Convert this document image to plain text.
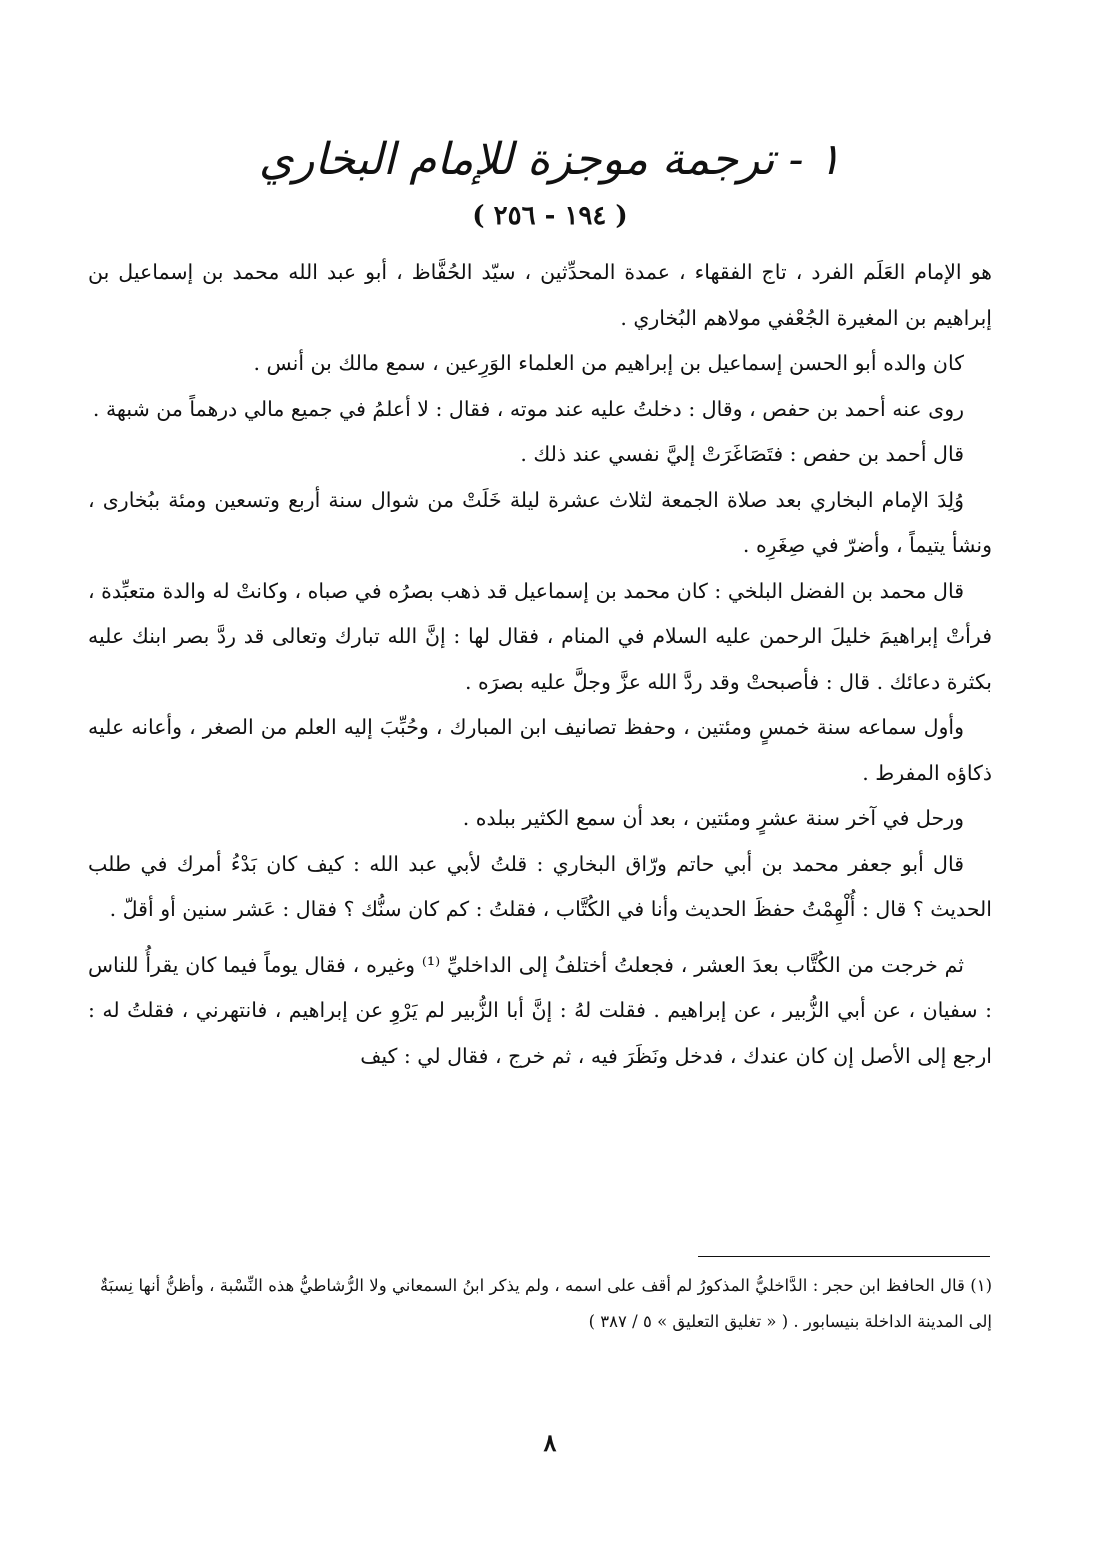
١ - ترجمة موجزة للإمام البخاري
( ١٩٤ - ٢٥٦ )

هو الإمام العَلَم الفرد ، تاج الفقهاء ، عمدة المحدِّثين ، سيّد الحُفَّاظ ، أبو عبد الله محمد بن إسماعيل بن إبراهيم بن المغيرة الجُعْفي مولاهم البُخاري .

كان والده أبو الحسن إسماعيل بن إبراهيم من العلماء الوَرِعين ، سمع مالك بن أنس .

روى عنه أحمد بن حفص ، وقال : دخلتُ عليه عند موته ، فقال : لا أعلمُ في جميع مالي درهماً من شبهة .

قال أحمد بن حفص : فتَصَاغَرَتْ إليَّ نفسي عند ذلك .

وُلِدَ الإمام البخاري بعد صلاة الجمعة لثلاث عشرة ليلة خَلَتْ من شوال سنة أربع وتسعين ومئة ببُخارى ، ونشأ يتيماً ، وأضرّ في صِغَرِه .

قال محمد بن الفضل البلخي : كان محمد بن إسماعيل قد ذهب بصرُه في صباه ، وكانتْ له والدة متعبِّدة ، فرأتْ إبراهيمَ خليلَ الرحمن عليه السلام في المنام ، فقال لها : إنَّ الله تبارك وتعالى قد ردَّ بصر ابنك عليه بكثرة دعائك . قال : فأصبحتْ وقد ردَّ الله عزَّ وجلَّ عليه بصرَه .

وأول سماعه سنة خمسٍ ومئتين ، وحفظ تصانيف ابن المبارك ، وحُبِّبَ إليه العلم من الصغر ، وأعانه عليه ذكاؤه المفرط .

ورحل في آخر سنة عشرٍ ومئتين ، بعد أن سمع الكثير ببلده .

قال أبو جعفر محمد بن أبي حاتم ورّاق البخاري : قلتُ لأبي عبد الله : كيف كان بَدْءُ أمرك في طلب الحديث ؟ قال : أُلْهِمْتُ حفظَ الحديث وأنا في الكُتَّاب ، فقلتُ : كم كان سنُّك ؟ فقال : عَشر سنين أو أقلّ .

ثم خرجت من الكُتَّاب بعدَ العشر ، فجعلتُ أختلفُ إلى الداخليِّ ⁽¹⁾ وغيره ، فقال يوماً فيما كان يقرأُ للناس : سفيان ، عن أبي الزُّبير ، عن إبراهيم . فقلت لهُ : إنَّ أبا الزُّبير لم يَرْوِ عن إبراهيم ، فانتهرني ، فقلتُ له : ارجع إلى الأصل إن كان عندك ، فدخل ونَظَرَ فيه ، ثم خرج ، فقال لي : كيف

(١) قال الحافظ ابن حجر : الدَّاخليُّ المذكورُ لم أقف على اسمه ، ولم يذكر ابنُ السمعاني ولا الرُّشاطيُّ هذه النِّسْبة ، وأظنُّ أنها نِسبَةٌ إلى المدينة الداخلة بنيسابور . ( « تغليق التعليق » ٥ / ٣٨٧ )
٨
